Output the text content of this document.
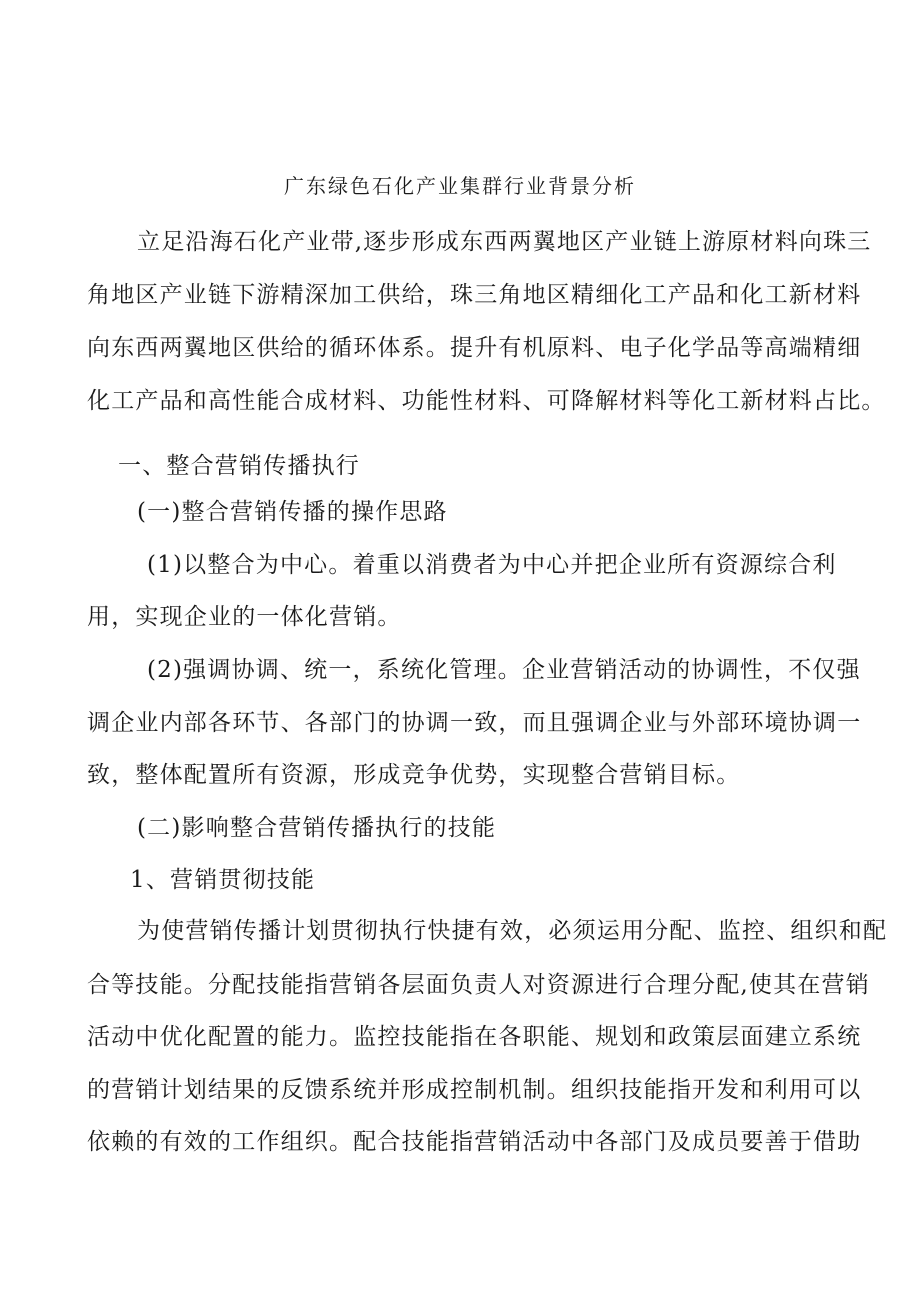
广东绿色石化产业集群行业背景分析
立足沿海石化产业带,逐步形成东西两翼地区产业链上游原材料向珠三
角地区产业链下游精深加工供给，珠三角地区精细化工产品和化工新材料
向东西两翼地区供给的循环体系。提升有机原料、电子化学品等高端精细
化工产品和高性能合成材料、功能性材料、可降解材料等化工新材料占比。
一、整合营销传播执行
(一)整合营销传播的操作思路
(1)以整合为中心。着重以消费者为中心并把企业所有资源综合利
用，实现企业的一体化营销。
(2)强调协调、统一，系统化管理。企业营销活动的协调性，不仅强
调企业内部各环节、各部门的协调一致，而且强调企业与外部环境协调一
致，整体配置所有资源，形成竞争优势，实现整合营销目标。
(二)影响整合营销传播执行的技能
1、营销贯彻技能
为使营销传播计划贯彻执行快捷有效，必须运用分配、监控、组织和配
合等技能。分配技能指营销各层面负责人对资源进行合理分配,使其在营销
活动中优化配置的能力。监控技能指在各职能、规划和政策层面建立系统
的营销计划结果的反馈系统并形成控制机制。组织技能指开发和利用可以
依赖的有效的工作组织。配合技能指营销活动中各部门及成员要善于借助
